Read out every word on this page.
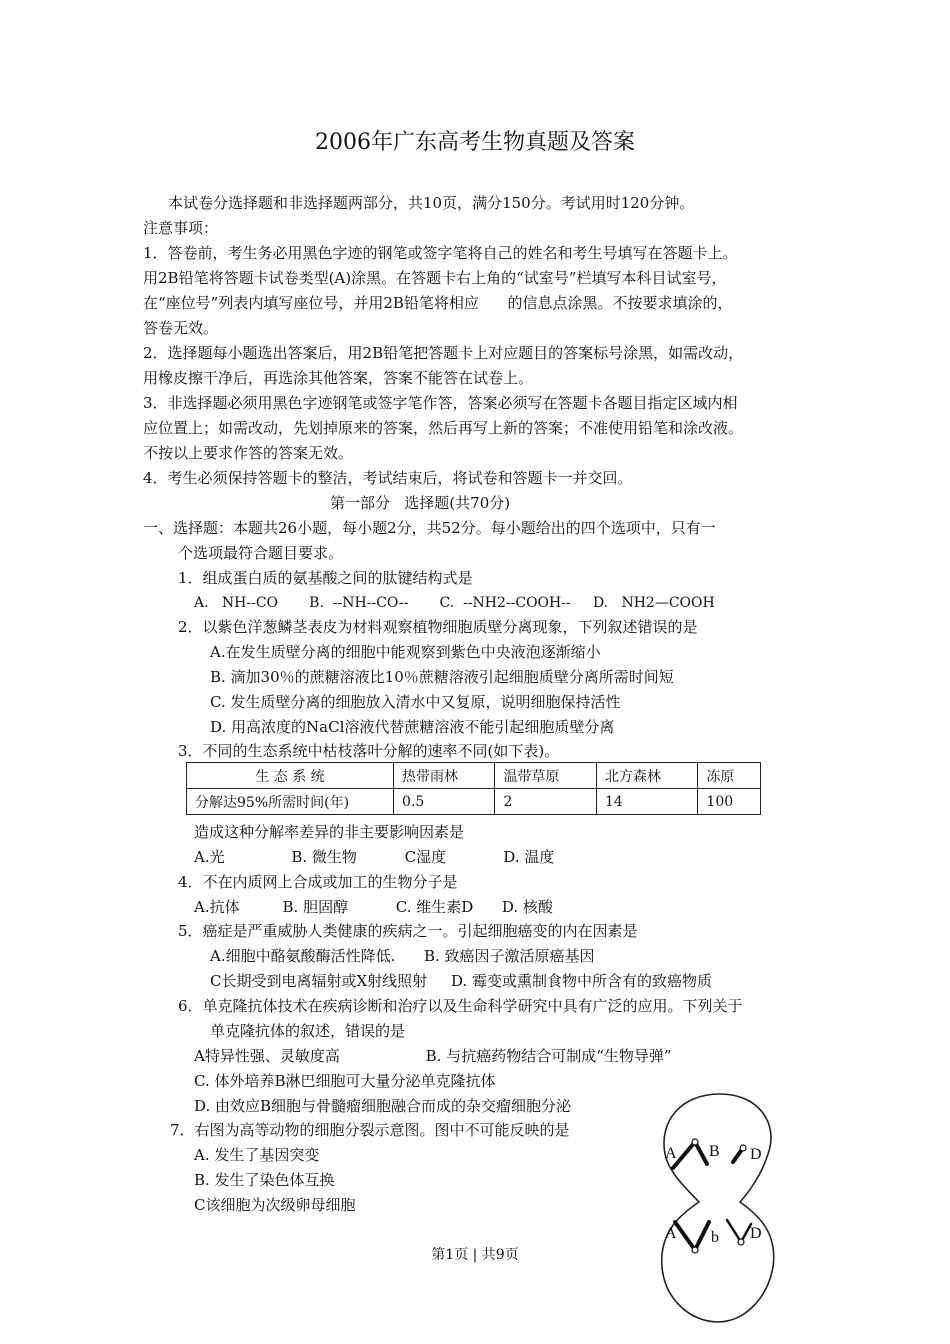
2006年广东高考生物真题及答案
本试卷分选择题和非选择题两部分，共10页，满分150分。考试用时120分钟。
注意事项：
1．答卷前，考生务必用黑色字迹的钢笔或签字笔将自己的姓名和考生号填写在答题卡上。
用2B铅笔将答题卡试卷类型(A)涂黑。在答题卡右上角的“试室号”栏填写本科目试室号，
在“座位号”列表内填写座位号，并用2B铅笔将相应      的信息点涂黑。不按要求填涂的，
答卷无效。
2．选择题每小题选出答案后，用2B铅笔把答题卡上对应题目的答案标号涂黑，如需改动，
用橡皮擦干净后，再选涂其他答案，答案不能答在试卷上。
3．非选择题必须用黑色字迹钢笔或签字笔作答，答案必须写在答题卡各题目指定区域内相
应位置上；如需改动，先划掉原来的答案，然后再写上新的答案；不准使用铅笔和涂改液。
不按以上要求作答的答案无效。
4．考生必须保持答题卡的整洁，考试结束后，将试卷和答题卡一并交回。
第一部分   选择题(共70分)
一、选择题：本题共26小题，每小题2分，共52分。每小题给出的四个选项中，只有一
个选项最符合题目要求。
1．组成蛋白质的氨基酸之间的肽键结构式是
A.   NH--CO       B.  --NH--CO--       C.  --NH2--COOH--     D.   NH2—COOH
2．以紫色洋葱鳞茎表皮为材料观察植物细胞质壁分离现象，下列叙述错误的是
A.在发生质壁分离的细胞中能观察到紫色中央液泡逐渐缩小
B. 滴加30％的蔗糖溶液比10％蔗糖溶液引起细胞质壁分离所需时间短
C. 发生质壁分离的细胞放入清水中又复原，说明细胞保持活性
D. 用高浓度的NaCl溶液代替蔗糖溶液不能引起细胞质壁分离
3．不同的生态系统中枯枝落叶分解的速率不同(如下表)。
生 态 系 统	热带雨林	温带草原	北方森林	冻原
分解达95%所需时间(年)	0.5	2	14	100
造成这种分解率差异的非主要影响因素是
A.光              B. 微生物          C湿度            D. 温度
4．不在内质网上合成或加工的生物分子是
A.抗体         B. 胆固醇          C. 维生素D      D. 核酸
5．癌症是严重威胁人类健康的疾病之一。引起细胞癌变的内在因素是
A.细胞中酪氨酸酶活性降低.      B. 致癌因子激活原癌基因
C长期受到电离辐射或X射线照射     D. 霉变或熏制食物中所含有的致癌物质
6．单克隆抗体技术在疾病诊断和治疗以及生命科学研究中具有广泛的应用。下列关于
单克隆抗体的叙述，错误的是
A特异性强、灵敏度高                  B. 与抗癌药物结合可制成“生物导弹”
C. 体外培养B淋巴细胞可大量分泌单克隆抗体
D. 由效应B细胞与骨髓瘤细胞融合而成的杂交瘤细胞分泌
7．右图为高等动物的细胞分裂示意图。图中不可能反映的是
A. 发生了基因突变
B. 发生了染色体互换
C该细胞为次级卵母细胞
A B D
A b D
第1页 | 共9页
